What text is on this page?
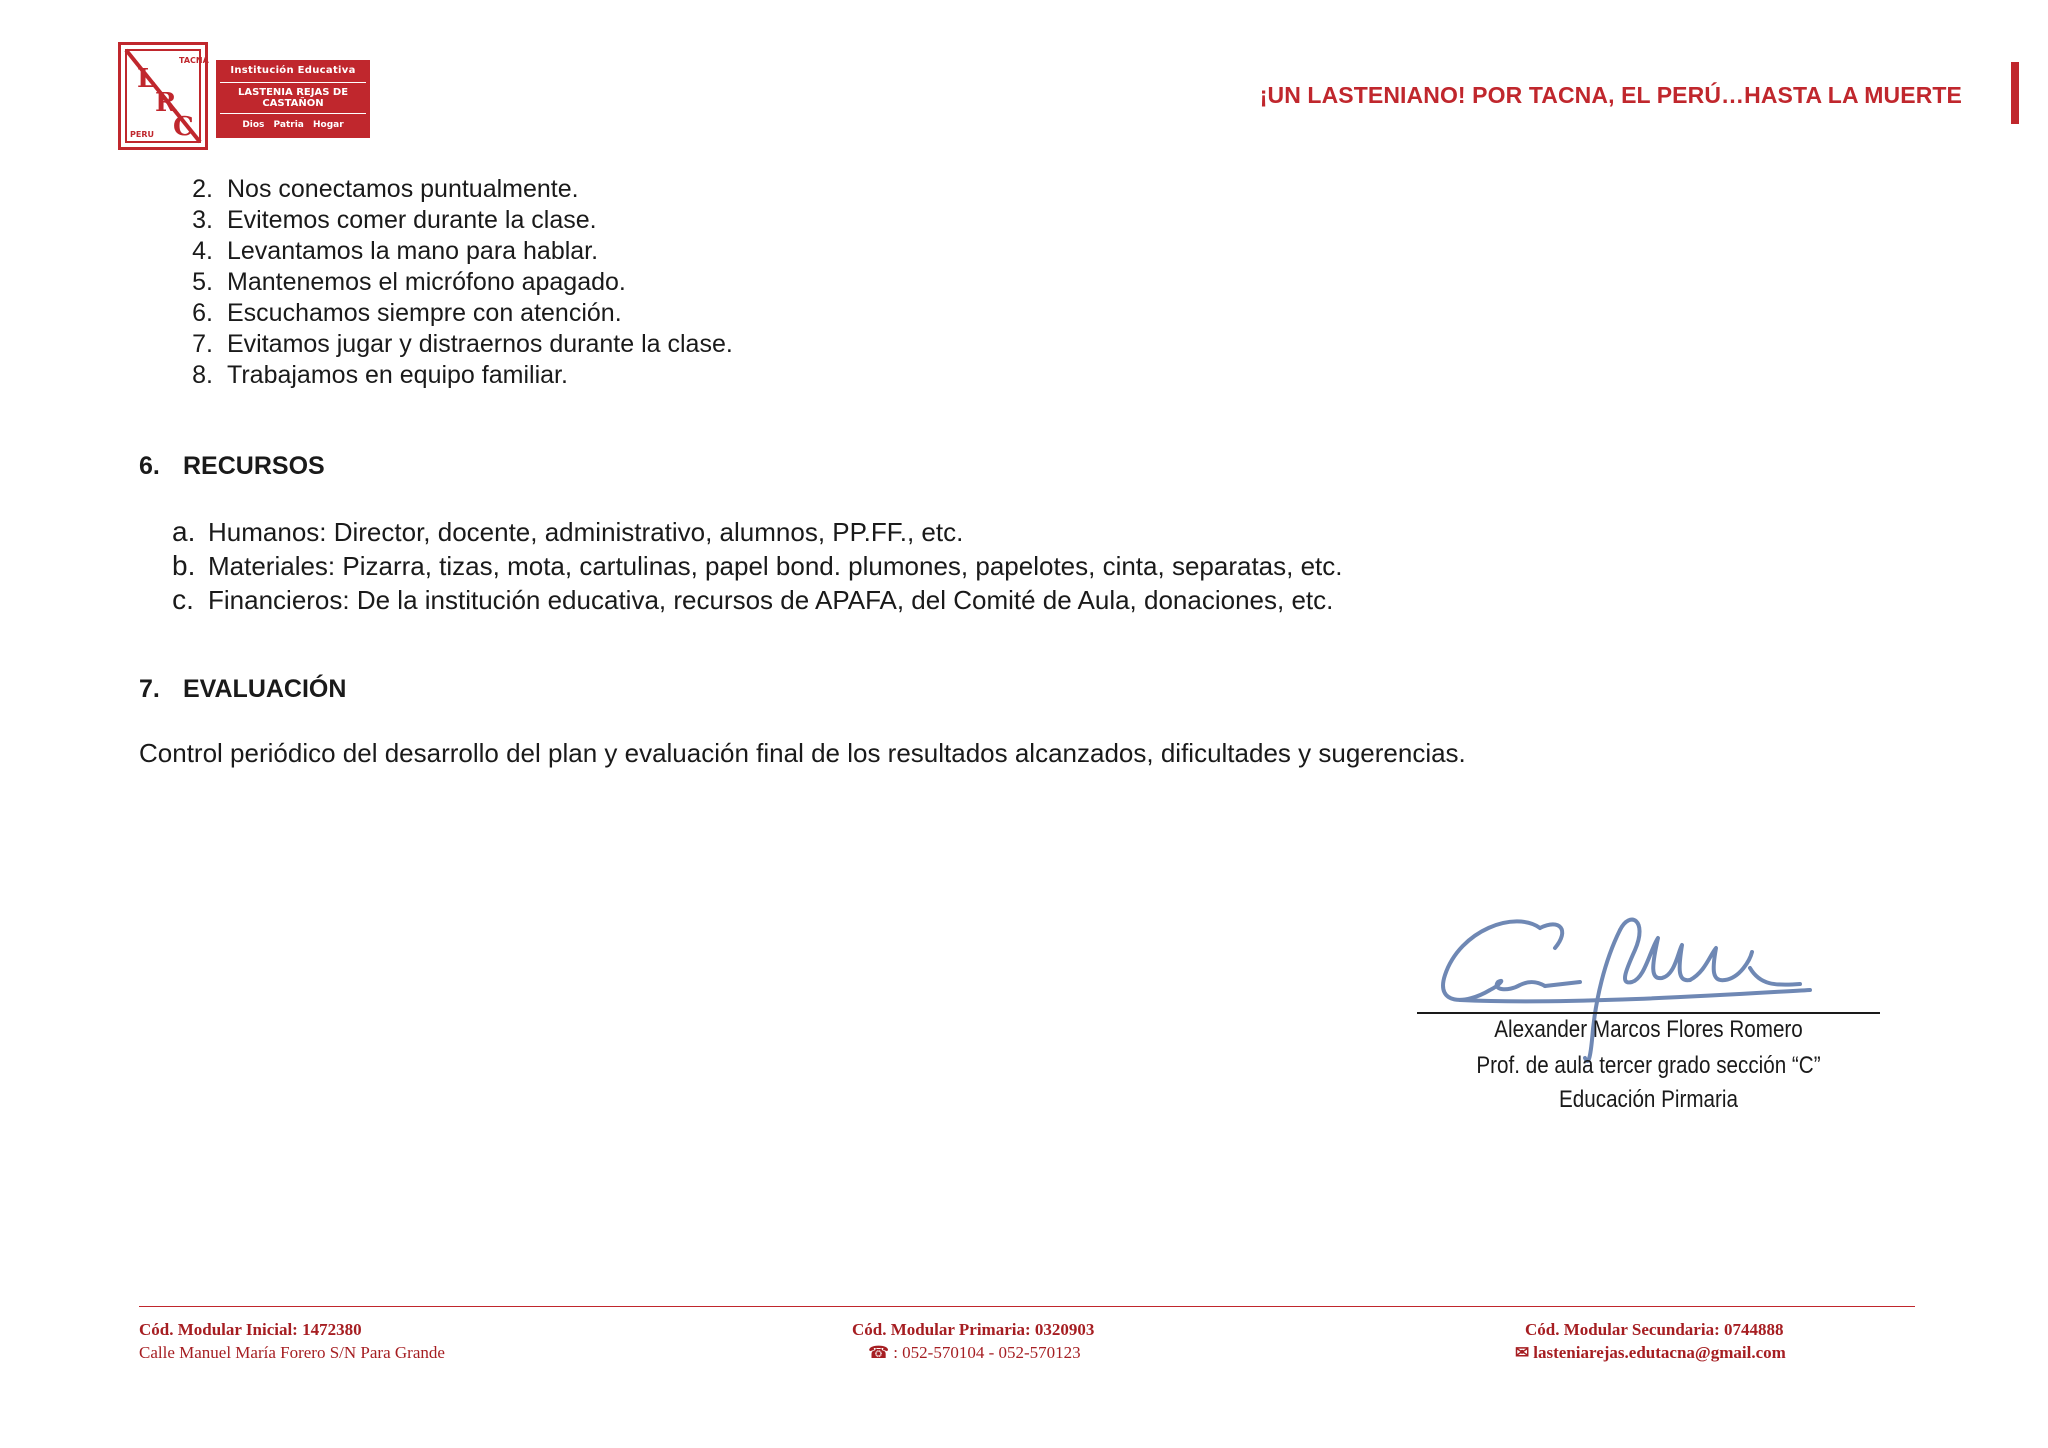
TACNA
PERU
L
R
C
Institución Educativa
LASTENIA REJAS DE CASTAÑON
Dios Patria Hogar
¡UN LASTENIANO! POR TACNA, EL PERÚ…HASTA LA MUERTE
2. Nos conectamos puntualmente.
3. Evitemos comer durante la clase.
4. Levantamos la mano para hablar.
5. Mantenemos el micrófono apagado.
6. Escuchamos siempre con atención.
7. Evitamos jugar y distraernos durante la clase.
8. Trabajamos en equipo familiar.
6. RECURSOS
a. Humanos: Director, docente, administrativo, alumnos, PP.FF., etc.
b. Materiales: Pizarra, tizas, mota, cartulinas, papel bond. plumones, papelotes, cinta, separatas, etc.
c. Financieros: De la institución educativa, recursos de APAFA, del Comité de Aula, donaciones, etc.
7. EVALUACIÓN
Control periódico del desarrollo del plan y evaluación final de los resultados alcanzados, dificultades y sugerencias.
Alexander Marcos Flores Romero
Prof. de aula tercer grado sección “C”
Educación Pirmaria
Cód. Modular Inicial: 1472380
Calle Manuel María Forero S/N Para Grande
Cód. Modular Primaria: 0320903
☎ : 052-570104 - 052-570123
Cód. Modular Secundaria: 0744888
✉ lasteniarejas.edutacna@gmail.com
